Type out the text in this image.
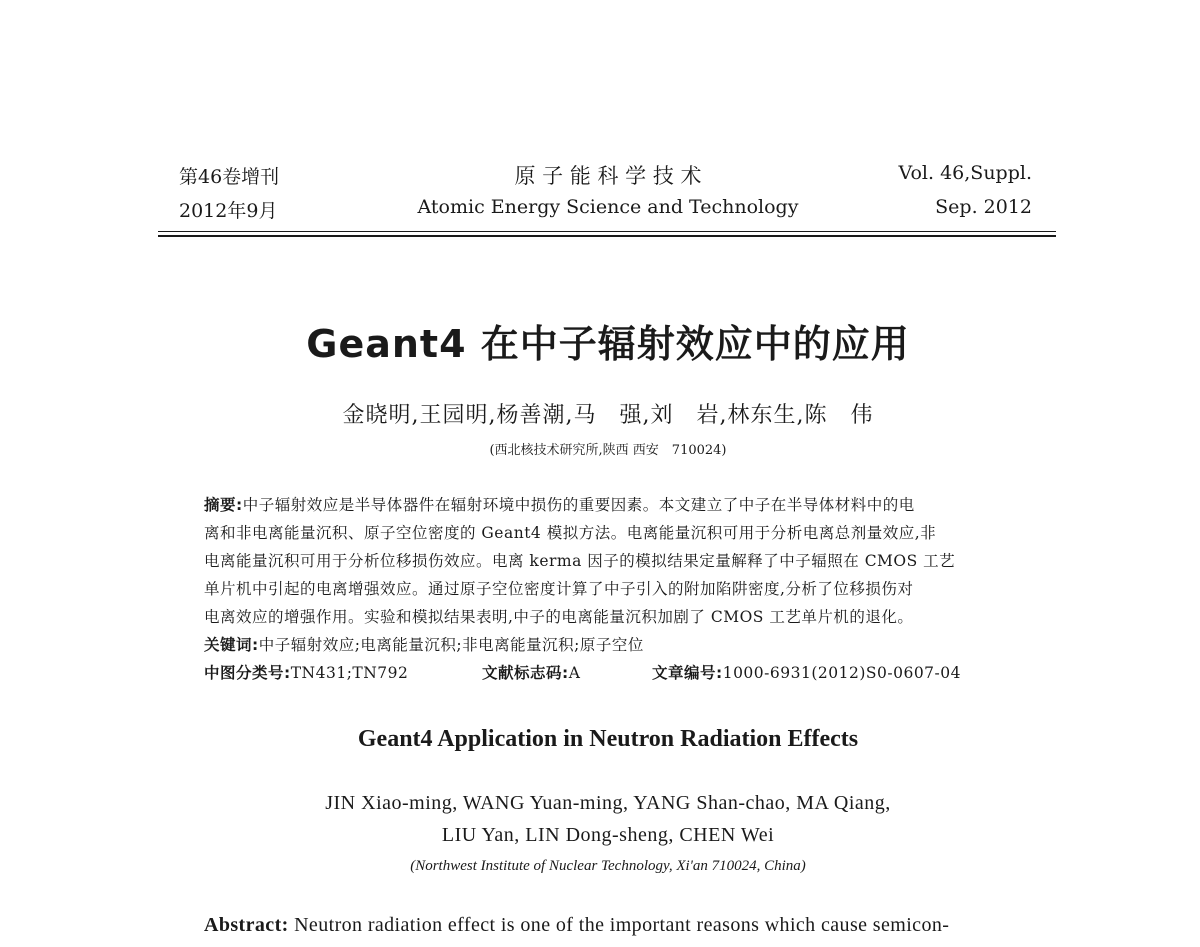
第46卷增刊
2012年9月
原 子 能 科 学 技 术
Atomic Energy Science and Technology
Vol. 46,Suppl.
Sep. 2012
Geant4 在中子辐射效应中的应用
金晓明,王园明,杨善潮,马　强,刘　岩,林东生,陈　伟
(西北核技术研究所,陕西 西安　710024)
摘要:中子辐射效应是半导体器件在辐射环境中损伤的重要因素。本文建立了中子在半导体材料中的电
离和非电离能量沉积、原子空位密度的 Geant4 模拟方法。电离能量沉积可用于分析电离总剂量效应,非
电离能量沉积可用于分析位移损伤效应。电离 kerma 因子的模拟结果定量解释了中子辐照在 CMOS 工艺
单片机中引起的电离增强效应。通过原子空位密度计算了中子引入的附加陷阱密度,分析了位移损伤对
电离效应的增强作用。实验和模拟结果表明,中子的电离能量沉积加剧了 CMOS 工艺单片机的退化。
关键词:中子辐射效应;电离能量沉积;非电离能量沉积;原子空位
中图分类号:TN431;TN792	文献标志码:A	文章编号:1000-6931(2012)S0-0607-04
Geant4 Application in Neutron Radiation Effects
JIN Xiao-ming, WANG Yuan-ming, YANG Shan-chao, MA Qiang,
LIU Yan, LIN Dong-sheng, CHEN Wei
(Northwest Institute of Nuclear Technology, Xi'an 710024, China)
Abstract: Neutron radiation effect is one of the important reasons which cause semicon-
